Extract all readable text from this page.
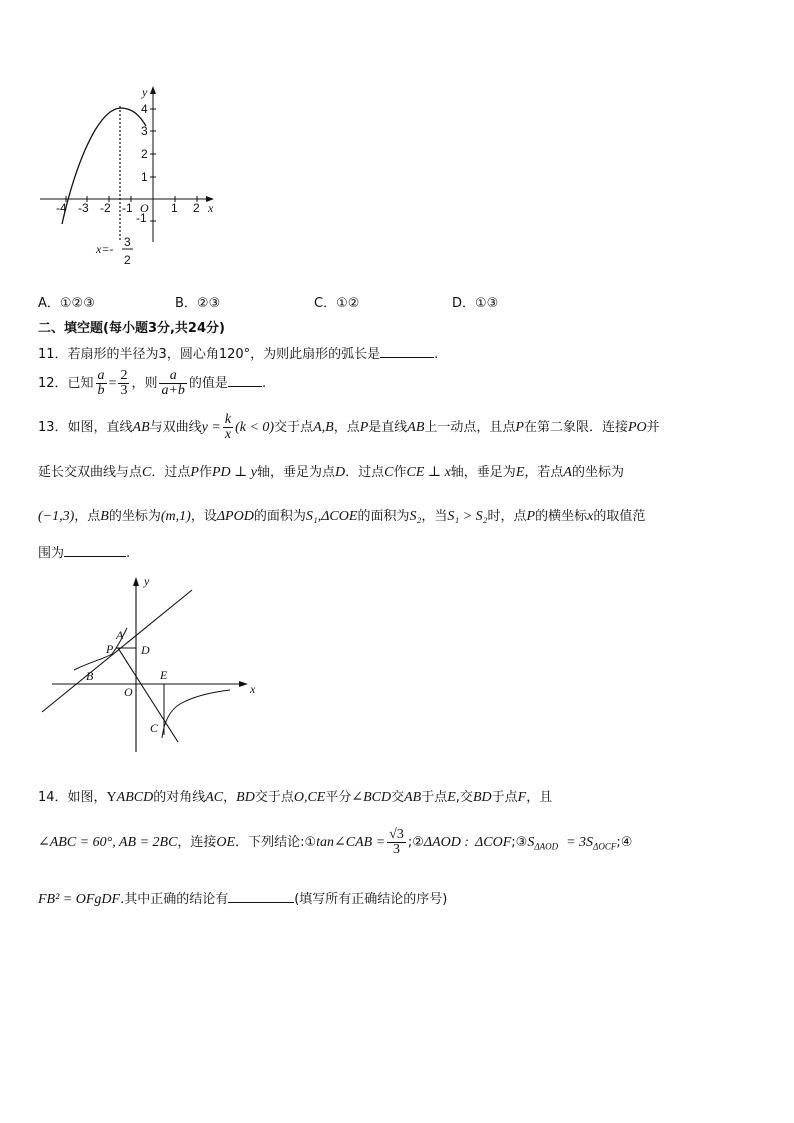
y
x
O
-4 -3 -2 -1	1 2
4
3
2
1
-1
x=- 3
2
A．①②③	B．②③	C．①②	D．①③
二、填空题(每小题3分,共24分)
11．若扇形的半径为3，圆心角120°，为则此扇形的弧长是	.
12．已知 $\frac{a}{b} = \frac{2}{3}$ ，则 $\frac{a}{a+b}$ 的值是	.
13．如图，直线AB与双曲线$y = \frac{k}{x} (k < 0)$交于点A,B，点P是直线AB上一动点，且点P在第二象限．连接PO并
延长交双曲线与点C．过点P作PD ⊥ y轴，垂足为点D．过点C作CE ⊥ x轴，垂足为E，若点A的坐标为
(−1,3)，点B的坐标为(m,1)，设ΔPOD的面积为S₁,ΔCOE的面积为S₂，当S₁ > S₂时，点P的横坐标x的取值范
围为	.
y
x
A
P D
B
O
E
C
14．如图，YABCD的对角线AC，BD交于点O,CE平分∠BCD交AB于点E,交BD于点F，且
∠ABC = 60°, AB = 2BC，连接OE．下列结论:①tan∠CAB = $\frac{√3}{3}$ ;②ΔAOD : $\Delta COF;③S_{\Delta AOD}$ = $3S_{\Delta OCF};④$
FB² = OFgDF.其中正确的结论有	(填写所有正确结论的序号)
